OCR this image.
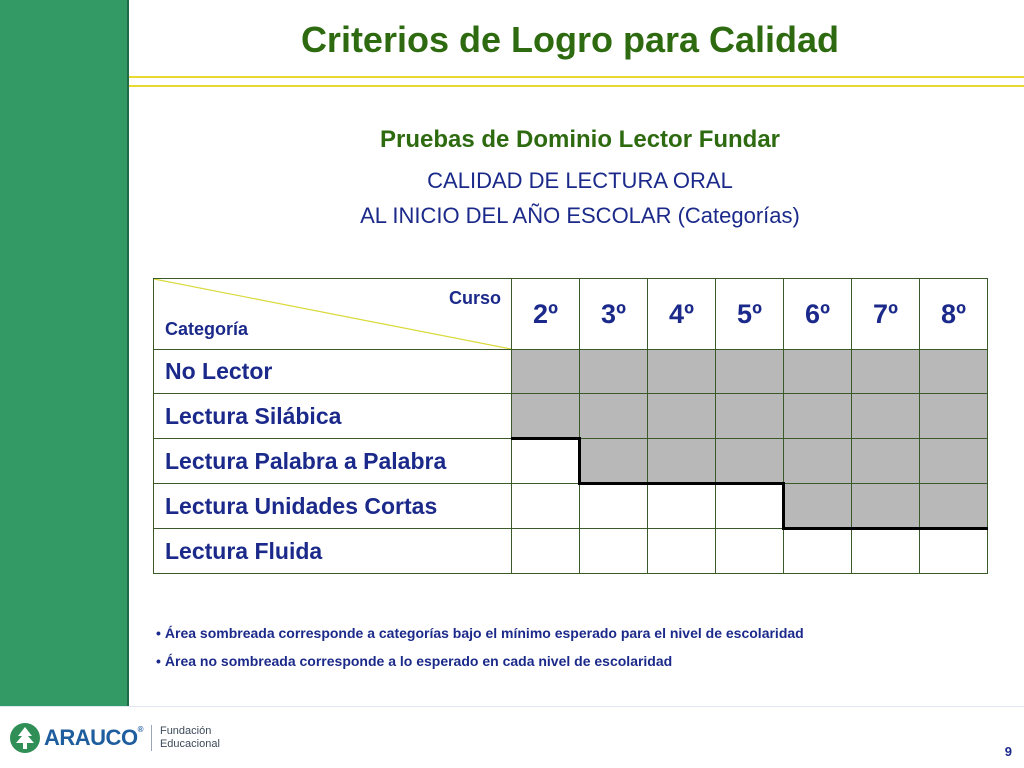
Criterios de Logro para Calidad
Pruebas de Dominio Lector Fundar
CALIDAD DE LECTURA ORAL
AL INICIO DEL AÑO ESCOLAR (Categorías)
Curso
Categoría	2º	3º	4º	5º	6º	7º	8º
No Lector							
Lectura Silábica							
Lectura Palabra a Palabra							
Lectura Unidades Cortas							
Lectura Fluida							
• Área sombreada corresponde a categorías bajo el mínimo esperado para el nivel de escolaridad
• Área no sombreada corresponde a lo esperado en cada nivel de escolaridad
ARAUCO® Fundación
Educacional	9
